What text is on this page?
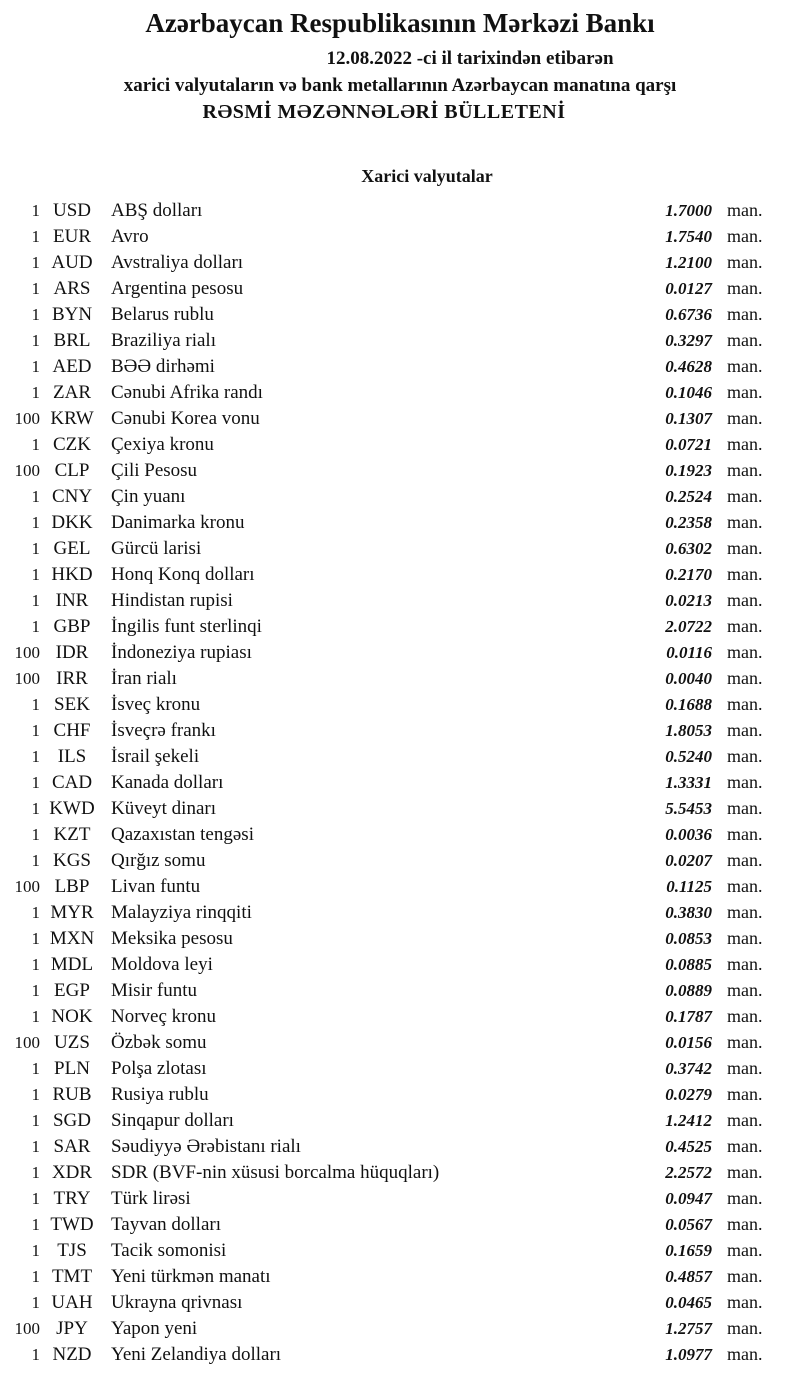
Azərbaycan Respublikasının Mərkəzi Bankı
12.08.2022 -ci il tarixindən etibarən
xarici valyutaların və bank metallarının Azərbaycan manatına qarşı
RƏSMİ MƏZƏNNƏLƏRİ BÜLLETENİ
Xarici valyutalar
1 USD	ABŞ dolları	1.7000 man.
1 EUR	Avro	1.7540 man.
1 AUD Avstraliya dolları	1.2100 man.
1 ARS	Argentina pesosu	0.0127 man.
1 BYN Belarus rublu	0.6736 man.
1 BRL	Braziliya rialı	0.3297 man.
1 AED	BƏƏ dirhəmi	0.4628 man.
1 ZAR	Cənubi Afrika randı	0.1046 man.
100 KRW Cənubi Korea vonu	0.1307 man.
1 CZK	Çexiya kronu	0.0721 man.
100 CLP	Çili Pesosu	0.1923 man.
1 CNY Çin yuanı	0.2524 man.
1 DKK Danimarka kronu	0.2358 man.
1 GEL	Gürcü larisi	0.6302 man.
1 HKD Honq Konq dolları	0.2170 man.
1 INR	Hindistan rupisi	0.0213 man.
1 GBP	İngilis funt sterlinqi	2.0722 man.
100 IDR	İndoneziya rupiası	0.0116 man.
100 IRR	İran rialı	0.0040 man.
1 SEK	İsveç kronu	0.1688 man.
1 CHF	İsveçrə frankı	1.8053 man.
1 ILS	İsrail şekeli	0.5240 man.
1 CAD Kanada dolları	1.3331 man.
1 KWD Küveyt dinarı	5.5453 man.
1 KZT	Qazaxıstan tengəsi	0.0036 man.
1 KGS	Qırğız somu	0.0207 man.
100 LBP	Livan funtu	0.1125 man.
1 MYR Malayziya rinqqiti	0.3830 man.
1 MXN Meksika pesosu	0.0853 man.
1 MDL Moldova leyi	0.0885 man.
1 EGP	Misir funtu	0.0889 man.
1 NOK Norveç kronu	0.1787 man.
100 UZS	Özbək somu	0.0156 man.
1 PLN	Polşa zlotası	0.3742 man.
1 RUB	Rusiya rublu	0.0279 man.
1 SGD	Sinqapur dolları	1.2412 man.
1 SAR	Səudiyyə Ərəbistanı rialı	0.4525 man.
1 XDR SDR (BVF-nin xüsusi borcalma hüquqları)	2.2572 man.
1 TRY	Türk lirəsi	0.0947 man.
1 TWD Tayvan dolları	0.0567 man.
1 TJS	Tacik somonisi	0.1659 man.
1 TMT Yeni türkmən manatı	0.4857 man.
1 UAH Ukrayna qrivnası	0.0465 man.
100 JPY	Yapon yeni	1.2757 man.
1 NZD	Yeni Zelandiya dolları	1.0977 man.
